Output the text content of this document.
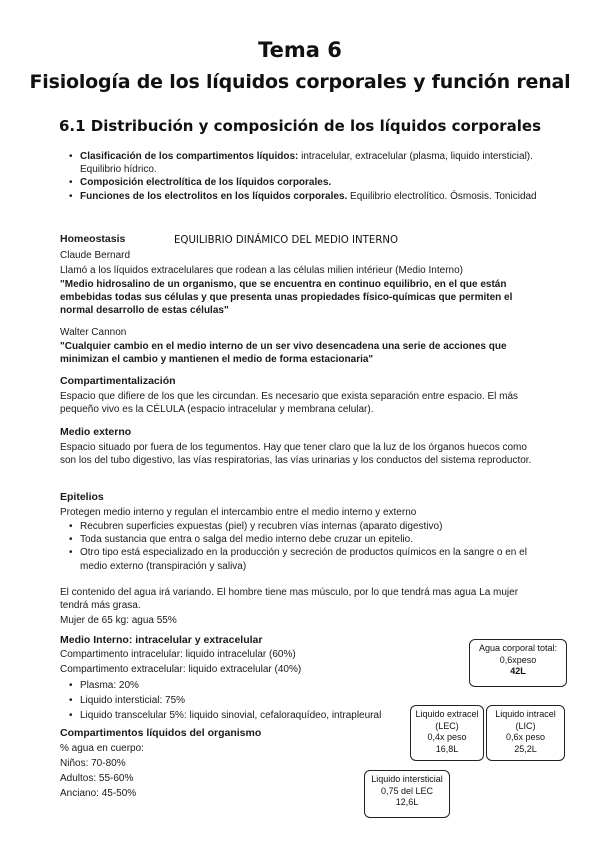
Tema 6
Fisiología de los líquidos corporales y función renal
6.1 Distribución y composición de los líquidos corporales
• Clasificación de los compartimentos líquidos: intracelular, extracelular (plasma, liquido intersticial). Equilibrio hídrico.
• Composición electrolítica de los líquidos corporales.
• Funciones de los electrolitos en los líquidos corporales. Equilibrio electrolítico. Ósmosis. Tonicidad
Homeostasis	EQUILIBRIO DINÁMICO DEL MEDIO INTERNO
Claude Bernard
Llamó a los líquidos extracelulares que rodean a las células milien intérieur (Medio Interno)
"Medio hidrosalino de un organismo, que se encuentra en continuo equilibrio, en el que están embebidas todas sus células y que presenta unas propiedades físico-químicas que permiten el normal desarrollo de estas células"
Walter Cannon
"Cualquier cambio en el medio interno de un ser vivo desencadena una serie de acciones que minimizan el cambio y mantienen el medio de forma estacionaria"
Compartimentalización
Espacio que difiere de los que les circundan. Es necesario que exista separación entre espacio. El más pequeño vivo es la CÉLULA (espacio intracelular y membrana celular).
Medio externo
Espacio situado por fuera de los tegumentos. Hay que tener claro que la luz de los órganos huecos como son los del tubo digestivo, las vías respiratorias, las vías urinarias y los conductos del sistema reproductor.
Epitelios
Protegen medio interno y regulan el intercambio entre el medio interno y externo
• Recubren superficies expuestas (piel) y recubren vías internas (aparato digestivo)
• Toda sustancia que entra o salga del medio interno debe cruzar un epitelio.
• Otro tipo está especializado en la producción y secreción de productos químicos en la sangre o en el medio externo (transpiración y saliva)
El contenido del agua irá variando. El hombre tiene mas músculo, por lo que tendrá mas agua La mujer tendrá más grasa.
Mujer de 65 kg: agua 55%
Medio Interno: intracelular y extracelular
Compartimento intracelular: liquido intracelular (60%)
Compartimento extracelular: liquido extracelular (40%)
• Plasma: 20%
• Liquido intersticial: 75%
• Liquido transcelular 5%: liquido sinovial, cefaloraquídeo, intrapleural
Compartimentos líquidos del organismo
% agua en cuerpo:
Niños: 70-80%
Adultos: 55-60%
Anciano: 45-50%
Agua corporal total:
0,6xpeso
42L
Liquido extracel
(LEC)
0,4x peso
16,8L
Liquido intracel
(LIC)
0,6x peso
25,2L
Liquido intersticial
0,75 del LEC
12,6L
